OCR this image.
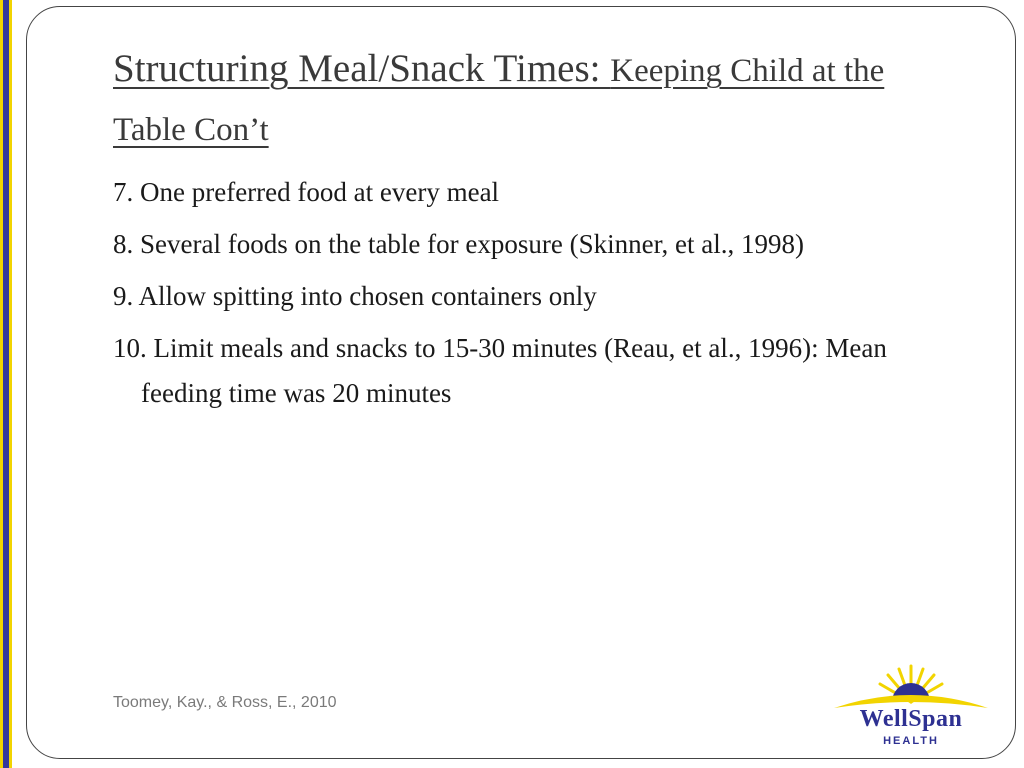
Structuring Meal/Snack Times: Keeping Child at the Table Con’t
7. One preferred food at every meal
8. Several foods on the table for exposure (Skinner, et al., 1998)
9. Allow spitting into chosen containers only
10. Limit meals and snacks to 15-30 minutes (Reau, et al., 1996): Mean feeding time was 20 minutes
Toomey, Kay., & Ross, E., 2010
WellSpan
HEALTH
